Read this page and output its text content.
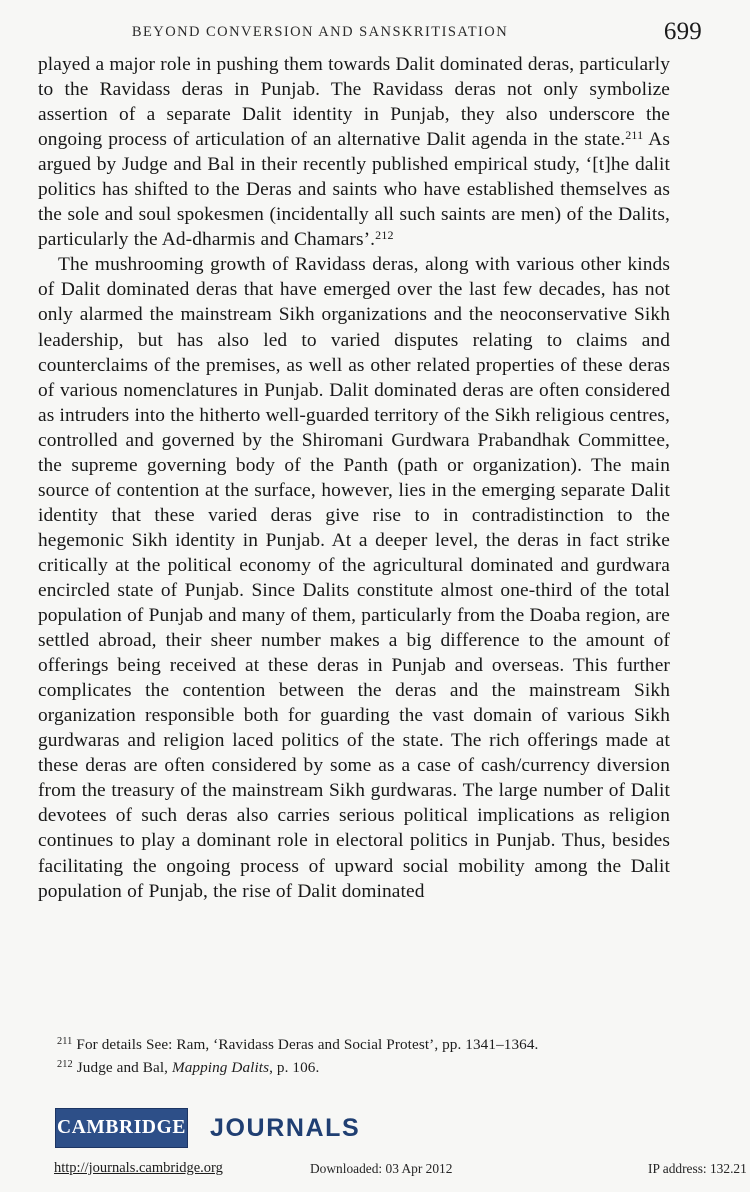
BEYOND CONVERSION AND SANSKRITISATION	699

played a major role in pushing them towards Dalit dominated deras, particularly to the Ravidass deras in Punjab. The Ravidass deras not only symbolize assertion of a separate Dalit identity in Punjab, they also underscore the ongoing process of articulation of an alternative Dalit agenda in the state.$^{211}$ As argued by Judge and Bal in their recently published empirical study, ‘[t]he dalit politics has shifted to the Deras and saints who have established themselves as the sole and soul spokesmen (incidentally all such saints are men) of the Dalits, particularly the Ad-dharmis and Chamars’.$^{212}$

The mushrooming growth of Ravidass deras, along with various other kinds of Dalit dominated deras that have emerged over the last few decades, has not only alarmed the mainstream Sikh organizations and the neoconservative Sikh leadership, but has also led to varied disputes relating to claims and counterclaims of the premises, as well as other related properties of these deras of various nomenclatures in Punjab. Dalit dominated deras are often considered as intruders into the hitherto well-guarded territory of the Sikh religious centres, controlled and governed by the Shiromani Gurdwara Prabandhak Committee, the supreme governing body of the Panth (path or organization). The main source of contention at the surface, however, lies in the emerging separate Dalit identity that these varied deras give rise to in contradistinction to the hegemonic Sikh identity in Punjab. At a deeper level, the deras in fact strike critically at the political economy of the agricultural dominated and gurdwara encircled state of Punjab. Since Dalits constitute almost one-third of the total population of Punjab and many of them, particularly from the Doaba region, are settled abroad, their sheer number makes a big difference to the amount of offerings being received at these deras in Punjab and overseas. This further complicates the contention between the deras and the mainstream Sikh organization responsible both for guarding the vast domain of various Sikh gurdwaras and religion laced politics of the state. The rich offerings made at these deras are often considered by some as a case of cash/currency diversion from the treasury of the mainstream Sikh gurdwaras. The large number of Dalit devotees of such deras also carries serious political implications as religion continues to play a dominant role in electoral politics in Punjab. Thus, besides facilitating the ongoing process of upward social mobility among the Dalit population of Punjab, the rise of Dalit dominated

$^{211}$ For details See: Ram, ‘Ravidass Deras and Social Protest’, pp. 1341–1364.
$^{212}$ Judge and Bal, Mapping Dalits, p. 106.
CAMBRIDGE JOURNALS
http://journals.cambridge.org	Downloaded: 03 Apr 2012	IP address: 132.21
